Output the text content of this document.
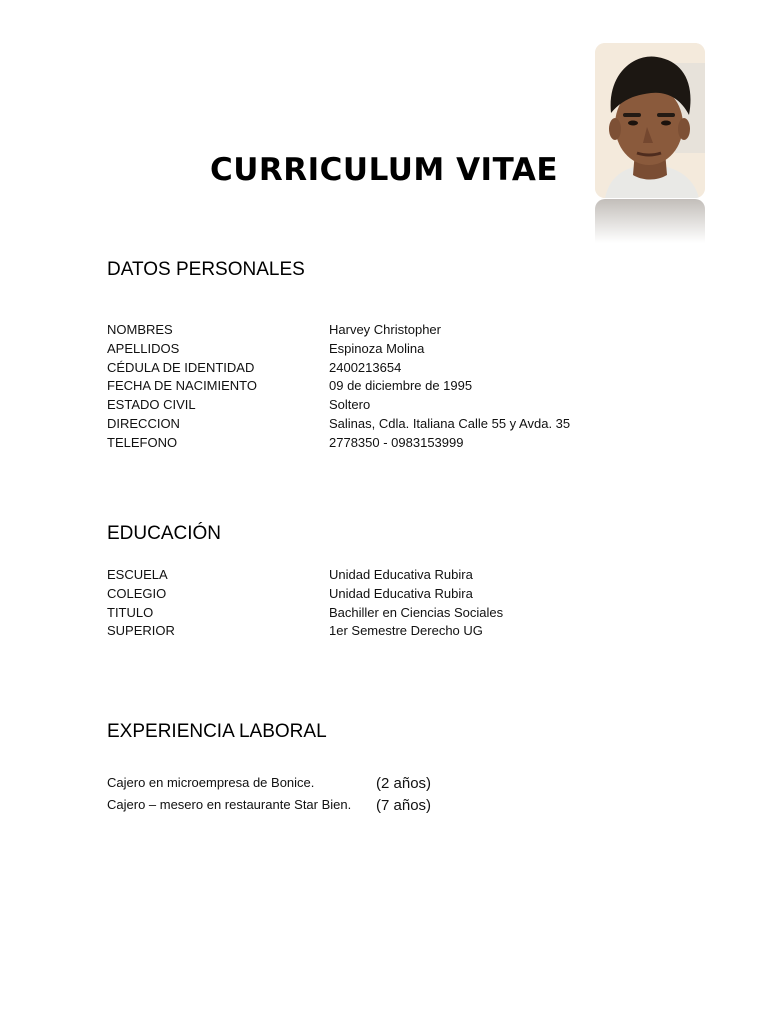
CURRICULUM VITAE
DATOS PERSONALES
NOMBRES	Harvey Christopher
APELLIDOS	Espinoza Molina
CÉDULA DE IDENTIDAD	2400213654
FECHA DE NACIMIENTO	09 de diciembre de 1995
ESTADO CIVIL	Soltero
DIRECCION	Salinas, Cdla. Italiana Calle 55 y Avda. 35
TELEFONO	2778350 - 0983153999
EDUCACIÓN
ESCUELA	Unidad Educativa Rubira
COLEGIO	Unidad Educativa Rubira
TITULO	Bachiller en Ciencias Sociales
SUPERIOR	1er Semestre Derecho UG
EXPERIENCIA LABORAL
Cajero en microempresa de Bonice.	(2 años)
Cajero – mesero en restaurante Star Bien. (7 años)
